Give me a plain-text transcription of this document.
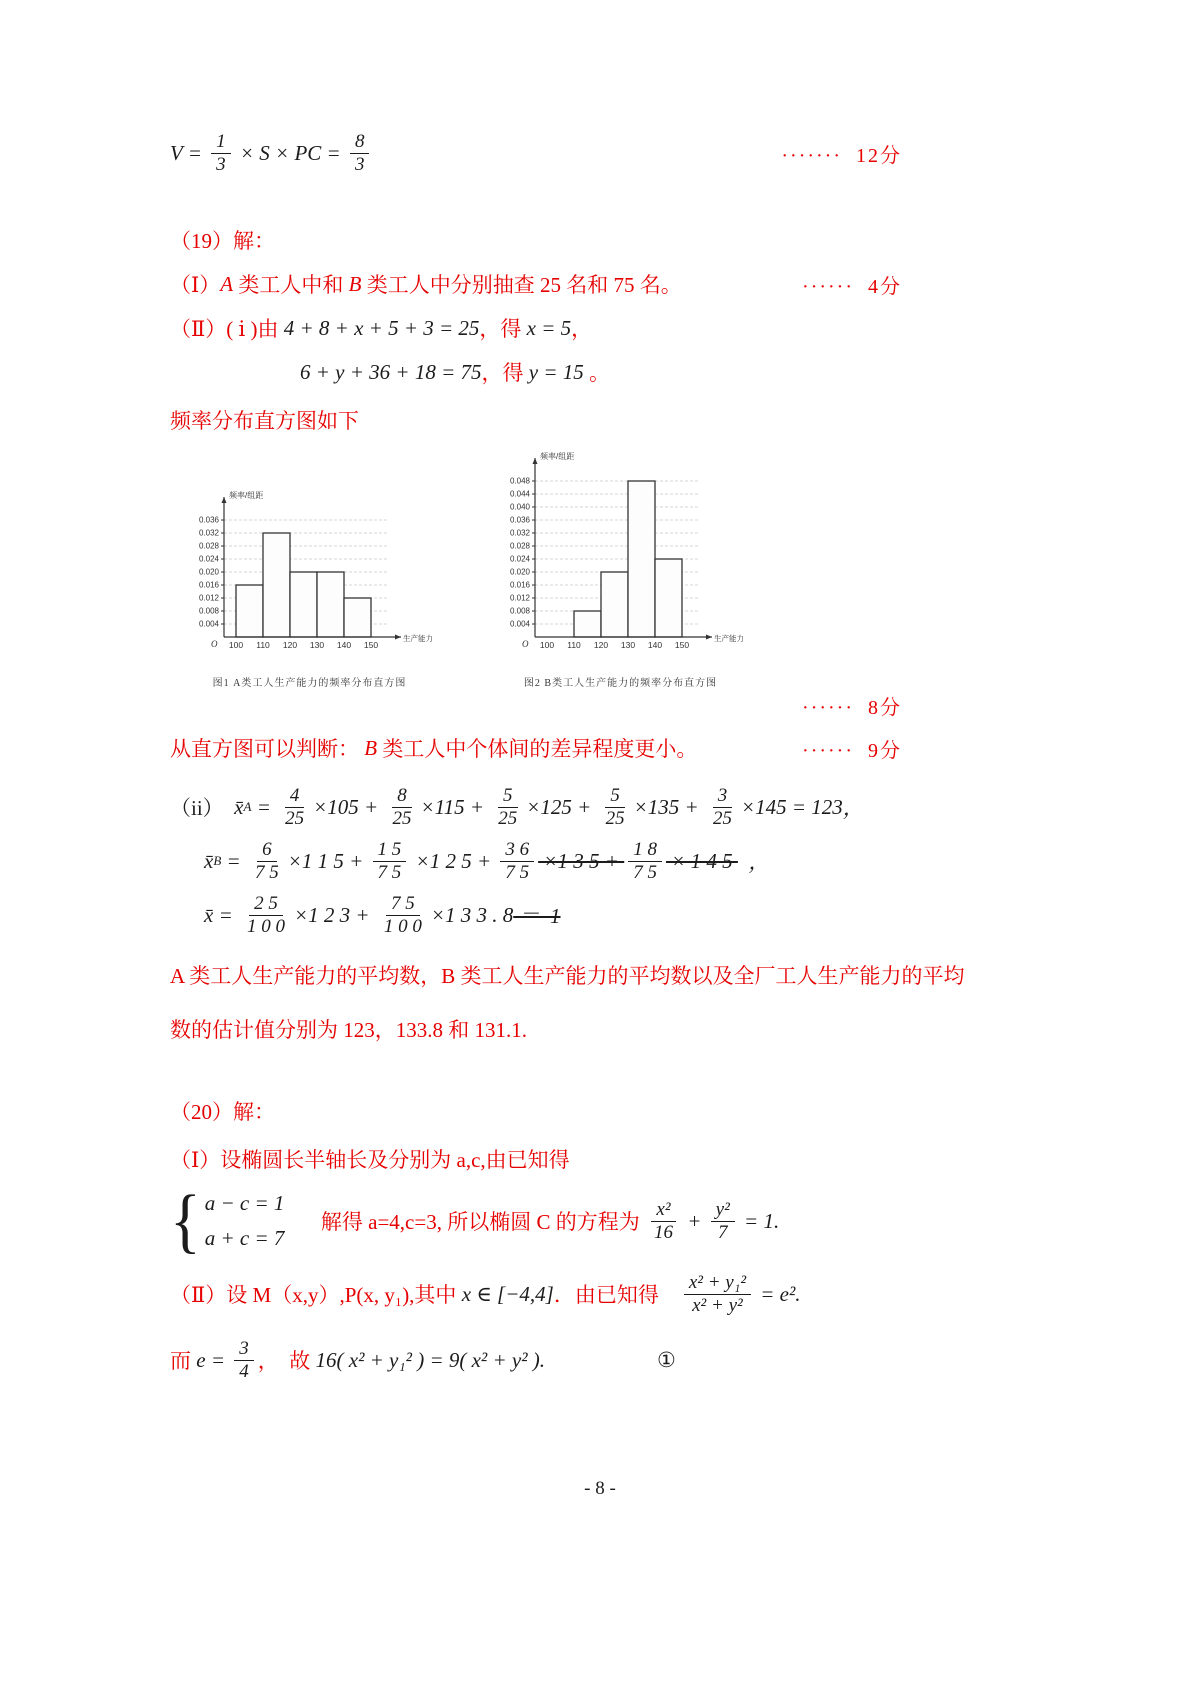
$V = \frac{1}{3} \times S$ × PC = $\frac{8}{3}$	·······  12分
（19）解：
（Ⅰ） A 类工人中和 B 类工人中分别抽查 25 名和 75 名。	······  4分
（Ⅱ）( ⅰ )由 4 + 8 + x + 5 + 3 = 25 ，得 x = 5 ，
6 + y + 36 + 18 = 75 ，得 y = 15 。
频率分布直方图如下
0.004
0.008
0.012
0.016
0.020
0.024
0.028
0.032
0.036
100 110 120 130 140 150
频率/组距
生产能力
O
图1 A类工人生产能力的频率分布直方图
0.004
0.008
0.012
0.016
0.020
0.024
0.028
0.032
0.036
0.040
0.044
0.048
100 110 120 130 140 150
频率/组距
生产能力
O
图2 B类工人生产能力的频率分布直方图
······  8分
从直方图可以判断： B 类工人中个体间的差异程度更小。	······  9分
（ii） x̄ $A = \frac{4}{25} \times 105 + \frac{8}{25} \times 115 + \frac{5}{25} \times 125 + \frac{5}{25} \times 135 + \frac{3}{25} \times 145 = 123$ ，
x̄ $B = \frac{6}{7 5} \times 1$ 1 $5 + \frac{1 5}{7 5} \times 1$ 2 $5 + \frac{3 6}{7 5} \times 1$ 3 $5 + \frac{1 8}{7 5} \times 1$ 4 5 ，
x̄ = $\frac{2 5}{1 0 0} \times 1$ 2 $3 + \frac{7 5}{1 0 0} \times 1$ 3 3 . 8 ＝  1

A 类工人生产能力的平均数，B 类工人生产能力的平均数以及全厂工人生产能力的平均数的估计值分别为 123，133.8 和 131.1.

（20）解：
（Ⅰ）设椭圆长半轴长及分别为 a,c,由已知得
{ a − c = 1
a + c = 7
解得 a=4,c=3, 所以椭圆 C 的方程为 $\frac{\text{x²}}{16} + \frac{\text{y²}}{7} = 1$.
（Ⅱ）设 M（x,y）,P(x, y₁),其中 x ∈ [−4,4] ．由已知得 $\frac{\text{x² + y₁²}}{\text{x² + y²}} = e^2$.
而 $e = \frac{3}{4}$ ，  故 16( x² + y₁² ) = 9( x² + y² ).	①
- 8 -
